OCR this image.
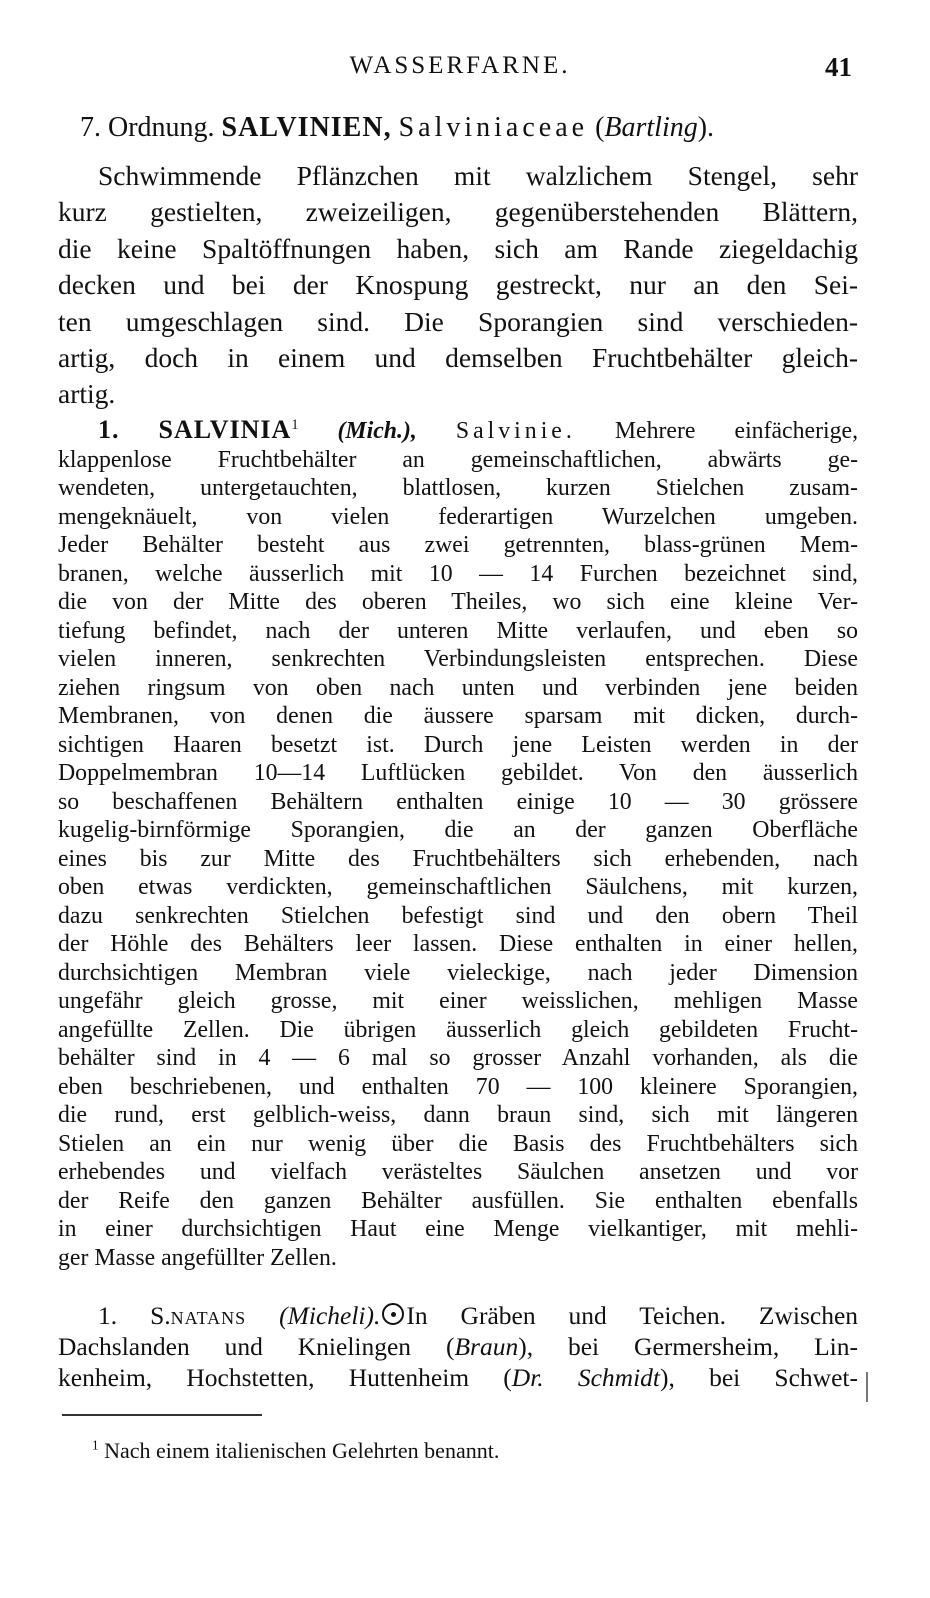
WASSERFARNE.	41
7. Ordnung. SALVINIEN, Salviniaceae (Bartling).
Schwimmende Pflänzchen mit walzlichem Stengel, sehr
kurz gestielten, zweizeiligen, gegenüberstehenden Blättern,
die keine Spaltöffnungen haben, sich am Rande ziegeldachig
decken und bei der Knospung gestreckt, nur an den Sei-
ten umgeschlagen sind. Die Sporangien sind verschieden-
artig, doch in einem und demselben Fruchtbehälter gleich-
artig.
1. SALVINIA$^1$ (Mich.), Salvinie. Mehrere einfächerige,
klappenlose Fruchtbehälter an gemeinschaftlichen, abwärts ge-
wendeten, untergetauchten, blattlosen, kurzen Stielchen zusam-
mengeknäuelt, von vielen federartigen Wurzelchen umgeben.
Jeder Behälter besteht aus zwei getrennten, blass-grünen Mem-
branen, welche äusserlich mit 10 — 14 Furchen bezeichnet sind,
die von der Mitte des oberen Theiles, wo sich eine kleine Ver-
tiefung befindet, nach der unteren Mitte verlaufen, und eben so
vielen inneren, senkrechten Verbindungsleisten entsprechen. Diese
ziehen ringsum von oben nach unten und verbinden jene beiden
Membranen, von denen die äussere sparsam mit dicken, durch-
sichtigen Haaren besetzt ist. Durch jene Leisten werden in der
Doppelmembran 10—14 Luftlücken gebildet. Von den äusserlich
so beschaffenen Behältern enthalten einige 10 — 30 grössere
kugelig-birnförmige Sporangien, die an der ganzen Oberfläche
eines bis zur Mitte des Fruchtbehälters sich erhebenden, nach
oben etwas verdickten, gemeinschaftlichen Säulchens, mit kurzen,
dazu senkrechten Stielchen befestigt sind und den obern Theil
der Höhle des Behälters leer lassen. Diese enthalten in einer hellen,
durchsichtigen Membran viele vieleckige, nach jeder Dimension
ungefähr gleich grosse, mit einer weisslichen, mehligen Masse
angefüllte Zellen. Die übrigen äusserlich gleich gebildeten Frucht-
behälter sind in 4 — 6 mal so grosser Anzahl vorhanden, als die
eben beschriebenen, und enthalten 70 — 100 kleinere Sporangien,
die rund, erst gelblich-weiss, dann braun sind, sich mit längeren
Stielen an ein nur wenig über die Basis des Fruchtbehälters sich
erhebendes und vielfach verästeltes Säulchen ansetzen und vor
der Reife den ganzen Behälter ausfüllen. Sie enthalten ebenfalls
in einer durchsichtigen Haut eine Menge vielkantiger, mit mehli-
ger Masse angefüllter Zellen.
1. S.natans (Micheli). In Gräben und Teichen. Zwischen
Dachslanden und Knielingen (Braun), bei Germersheim, Lin-
kenheim, Hochstetten, Huttenheim (Dr. Schmidt), bei Schwet-
$^1$ Nach einem italienischen Gelehrten benannt.
